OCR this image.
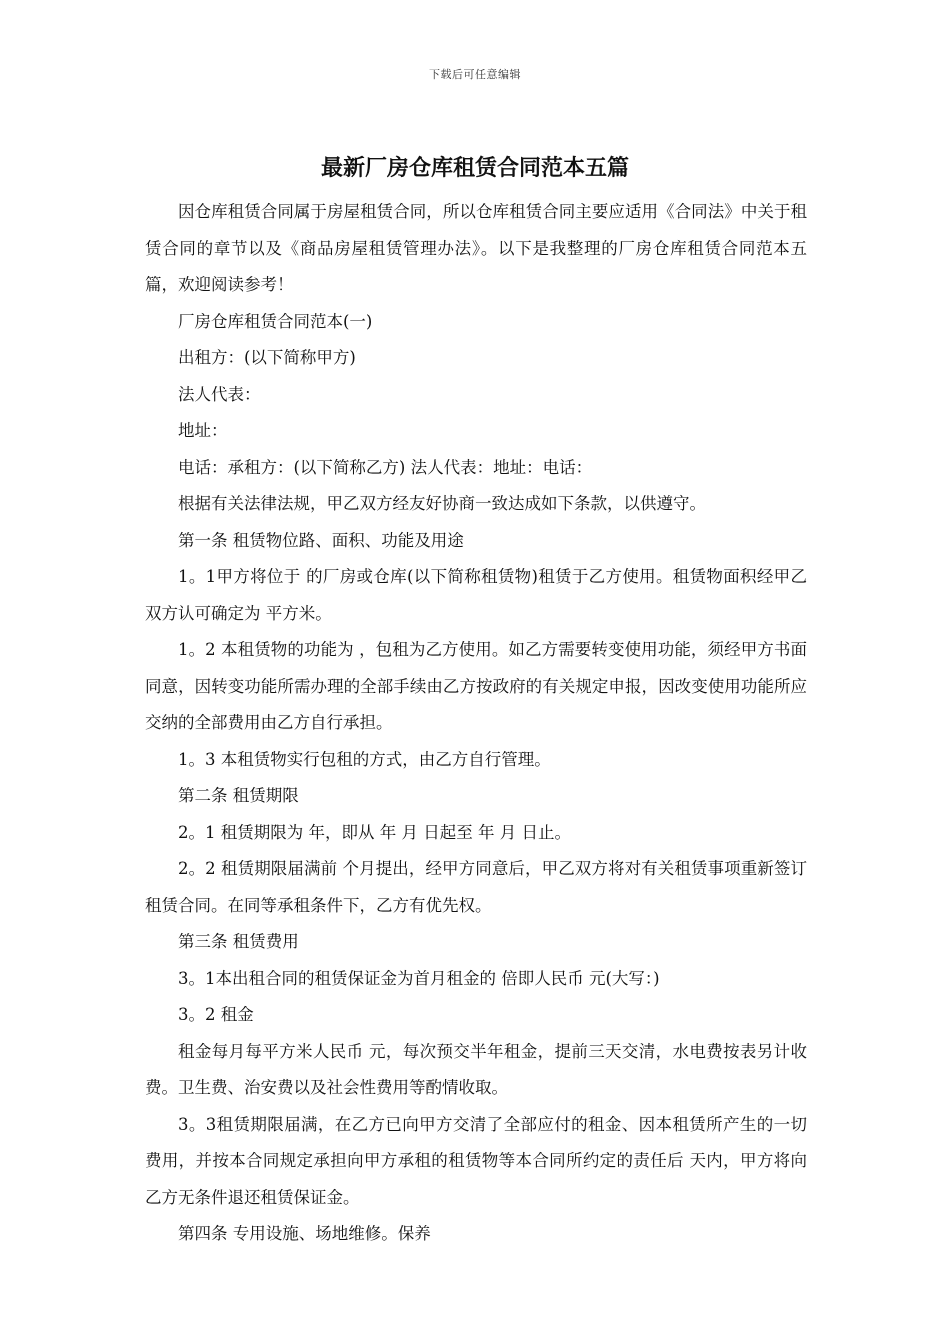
下载后可任意编辑
最新厂房仓库租赁合同范本五篇

因仓库租赁合同属于房屋租赁合同，所以仓库租赁合同主要应适用《合同法》中关于租赁合同的章节以及《商品房屋租赁管理办法》。以下是我整理的厂房仓库租赁合同范本五篇，欢迎阅读参考！

厂房仓库租赁合同范本(一)

出租方：(以下简称甲方)

法人代表：

地址：

电话：承租方：(以下简称乙方) 法人代表：地址：电话：

根据有关法律法规，甲乙双方经友好协商一致达成如下条款，以供遵守。

第一条 租赁物位路、面积、功能及用途

1。1甲方将位于 的厂房或仓库(以下简称租赁物)租赁于乙方使用。租赁物面积经甲乙双方认可确定为 平方米。

1。2 本租赁物的功能为 ，包租为乙方使用。如乙方需要转变使用功能，须经甲方书面同意，因转变功能所需办理的全部手续由乙方按政府的有关规定申报，因改变使用功能所应交纳的全部费用由乙方自行承担。

1。3 本租赁物实行包租的方式，由乙方自行管理。

第二条 租赁期限

2。1 租赁期限为 年，即从 年 月 日起至 年 月 日止。

2。2 租赁期限届满前 个月提出，经甲方同意后，甲乙双方将对有关租赁事项重新签订租赁合同。在同等承租条件下，乙方有优先权。

第三条 租赁费用

3。1本出租合同的租赁保证金为首月租金的 倍即人民币 元(大写：)

3。2 租金

租金每月每平方米人民币 元，每次预交半年租金，提前三天交清，水电费按表另计收费。卫生费、治安费以及社会性费用等酌情收取。

3。3租赁期限届满，在乙方已向甲方交清了全部应付的租金、因本租赁所产生的一切费用，并按本合同规定承担向甲方承租的租赁物等本合同所约定的责任后 天内，甲方将向乙方无条件退还租赁保证金。

第四条 专用设施、场地维修。保养
